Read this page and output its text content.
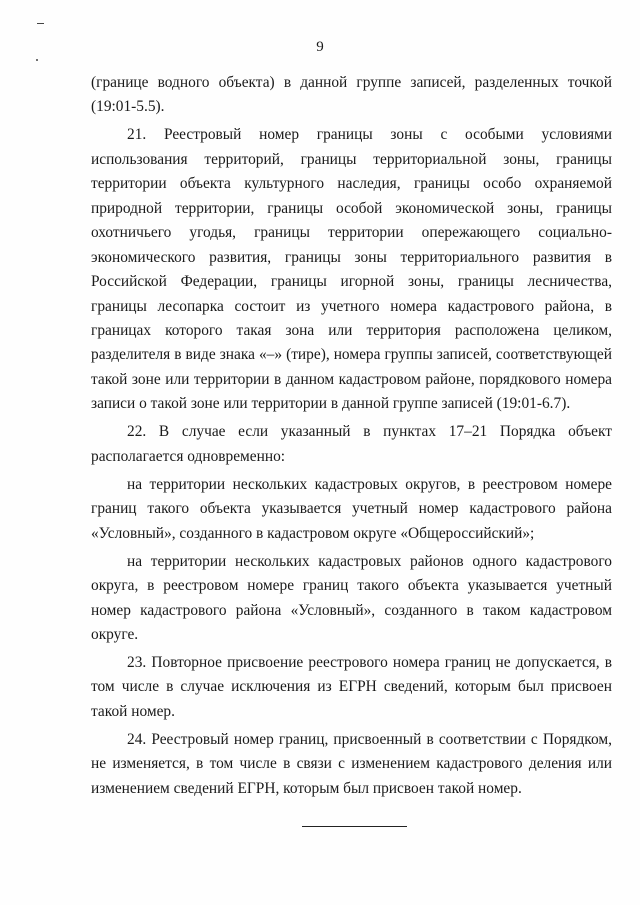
9

(границе водного объекта) в данной группе записей, разделенных точкой (19:01-5.5).

21. Реестровый номер границы зоны с особыми условиями использования территорий, границы территориальной зоны, границы территории объекта культурного наследия, границы особо охраняемой природной территории, границы особой экономической зоны, границы охотничьего угодья, границы территории опережающего социально-экономического развития, границы зоны территориального развития в Российской Федерации, границы игорной зоны, границы лесничества, границы лесопарка состоит из учетного номера кадастрового района, в границах которого такая зона или территория расположена целиком, разделителя в виде знака «–» (тире), номера группы записей, соответствующей такой зоне или территории в данном кадастровом районе, порядкового номера записи о такой зоне или территории в данной группе записей (19:01-6.7).

22. В случае если указанный в пунктах 17–21 Порядка объект располагается одновременно:

на территории нескольких кадастровых округов, в реестровом номере границ такого объекта указывается учетный номер кадастрового района «Условный», созданного в кадастровом округе «Общероссийский»;

на территории нескольких кадастровых районов одного кадастрового округа, в реестровом номере границ такого объекта указывается учетный номер кадастрового района «Условный», созданного в таком кадастровом округе.

23. Повторное присвоение реестрового номера границ не допускается, в том числе в случае исключения из ЕГРН сведений, которым был присвоен такой номер.

24. Реестровый номер границ, присвоенный в соответствии с Порядком, не изменяется, в том числе в связи с изменением кадастрового деления или изменением сведений ЕГРН, которым был присвоен такой номер.
